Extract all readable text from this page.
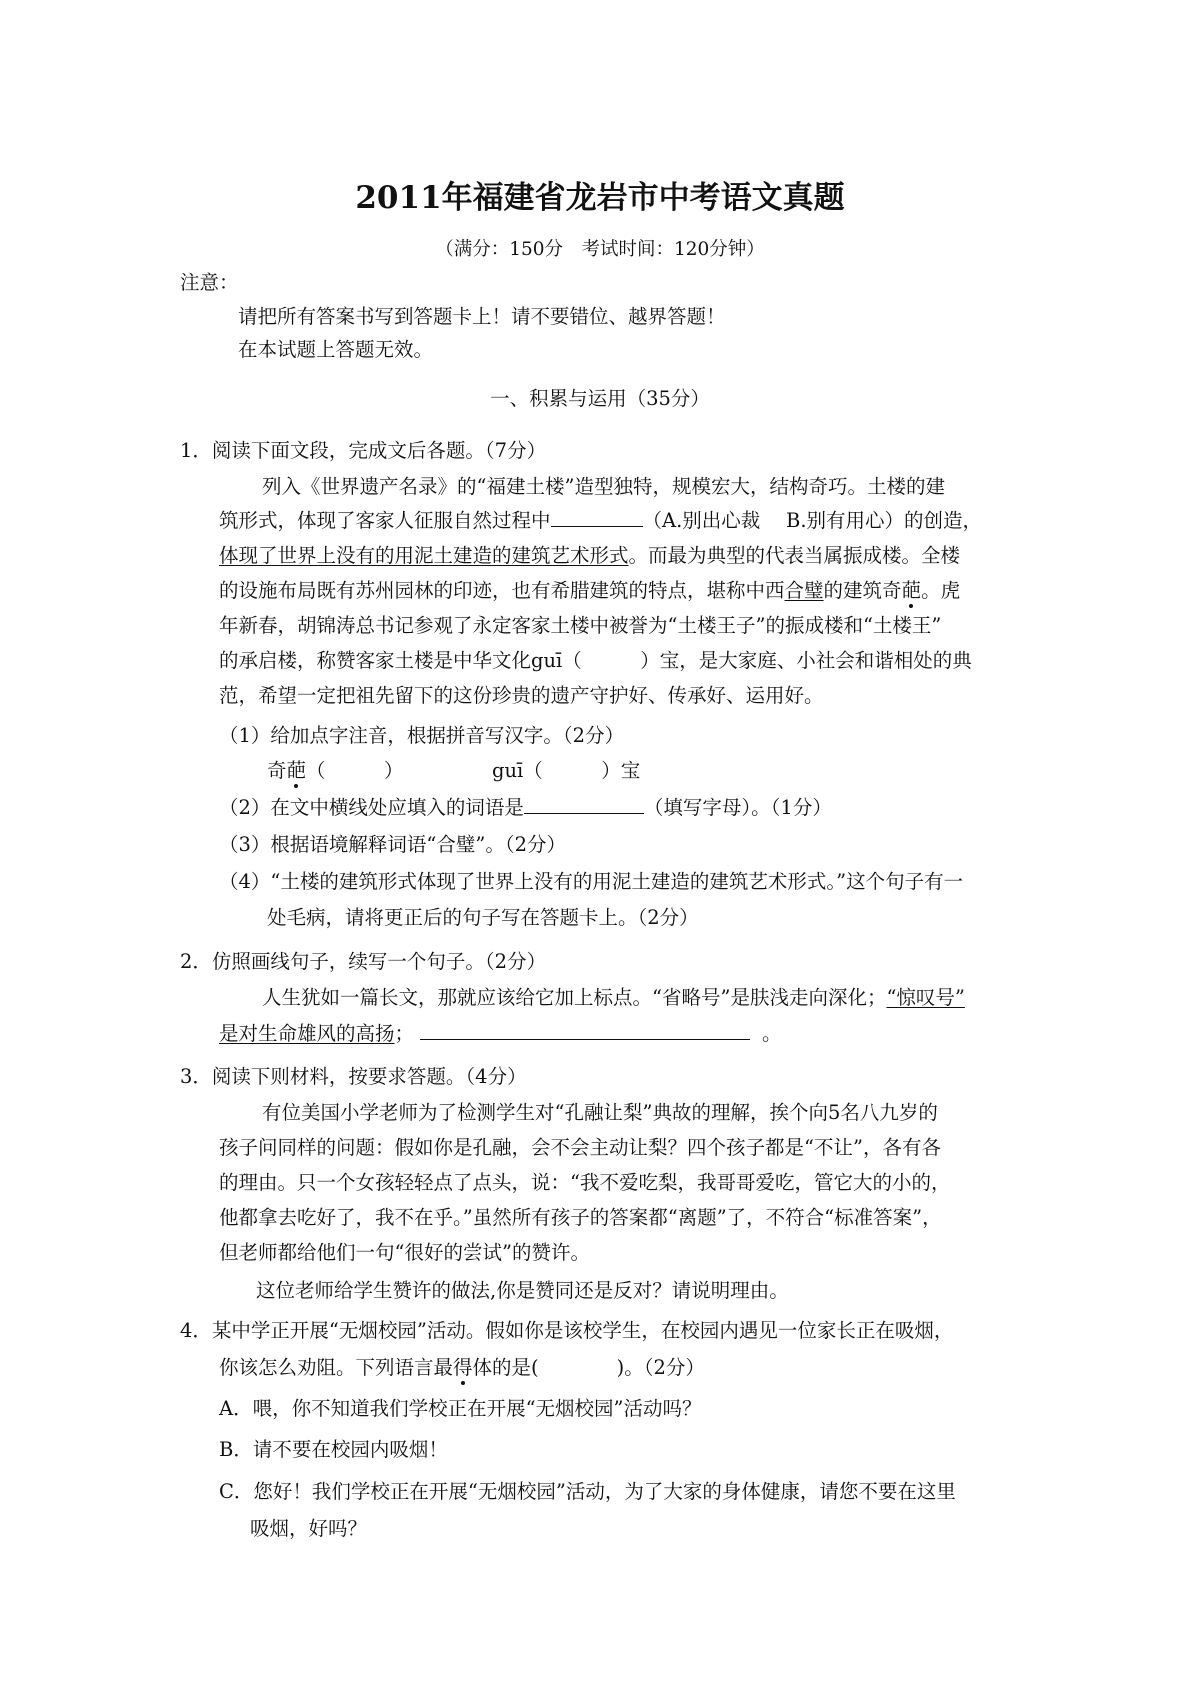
2011年福建省龙岩市中考语文真题
（满分：150分　考试时间：120分钟）
注意：
请把所有答案书写到答题卡上！请不要错位、越界答题！
在本试题上答题无效。
一、积累与运用（35分）
1．阅读下面文段，完成文后各题。（7分）
列入《世界遗产名录》的“福建土楼”造型独特，规模宏大，结构奇巧。土楼的建
筑形式，体现了客家人征服自然过程中	（A.别出心裁　 B.别有用心）的创造，
体现了世界上没有的用泥土建造的建筑艺术形式。而最为典型的代表当属振成楼。全楼
的设施布局既有苏州园林的印迹，也有希腊建筑的特点，堪称中西合璧的建筑奇葩。虎
年新春，胡锦涛总书记参观了永定客家土楼中被誉为“土楼王子”的振成楼和“土楼王”
的承启楼，称赞客家土楼是中华文化guī（　　　）宝，是大家庭、小社会和谐相处的典
范，希望一定把祖先留下的这份珍贵的遗产守护好、传承好、运用好。
（1）给加点字注音，根据拼音写汉字。（2分）
奇葩（　　　）	guī（　　　）宝
（2）在文中横线处应填入的词语是	（填写字母）。（1分）
（3）根据语境解释词语“合璧”。（2分）
（4）“土楼的建筑形式体现了世界上没有的用泥土建造的建筑艺术形式。”这个句子有一
处毛病，请将更正后的句子写在答题卡上。（2分）
2．仿照画线句子，续写一个句子。（2分）
人生犹如一篇长文，那就应该给它加上标点。“省略号”是肤浅走向深化；“惊叹号”
是对生命雄风的高扬；	。
3．阅读下则材料，按要求答题。（4分）
有位美国小学老师为了检测学生对“孔融让梨”典故的理解，挨个向5名八九岁的
孩子问同样的问题：假如你是孔融，会不会主动让梨？四个孩子都是“不让”，各有各
的理由。只一个女孩轻轻点了点头，说：“我不爱吃梨，我哥哥爱吃，管它大的小的，
他都拿去吃好了，我不在乎。”虽然所有孩子的答案都“离题”了，不符合“标准答案”，
但老师都给他们一句“很好的尝试”的赞许。
这位老师给学生赞许的做法,你是赞同还是反对？请说明理由。
4．某中学正开展“无烟校园”活动。假如你是该校学生，在校园内遇见一位家长正在吸烟，
你该怎么劝阻。下列语言最得体的是(　　　　)。（2分）
A．喂，你不知道我们学校正在开展“无烟校园”活动吗？
B．请不要在校园内吸烟！
C．您好！我们学校正在开展“无烟校园”活动，为了大家的身体健康，请您不要在这里
吸烟，好吗？
